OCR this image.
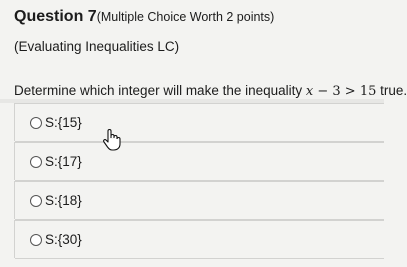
Question 7(Multiple Choice Worth 2 points)
(Evaluating Inequalities LC)
Determine which integer will make the inequality x − 3 > 15 true.
S:{15}
S:{17}
S:{18}
S:{30}
